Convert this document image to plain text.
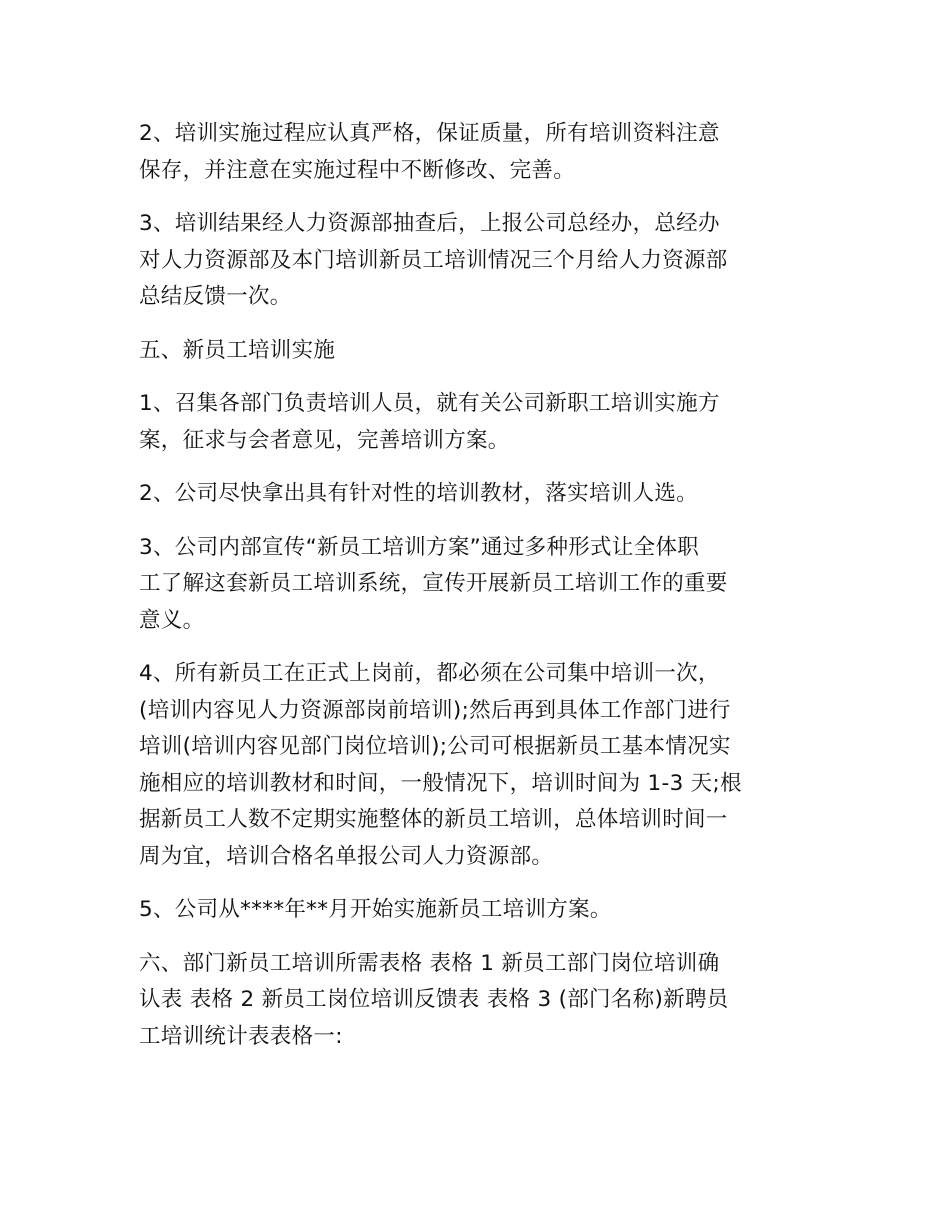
2、培训实施过程应认真严格，保证质量，所有培训资料注意
保存，并注意在实施过程中不断修改、完善。

3、培训结果经人力资源部抽查后，上报公司总经办，总经办
对人力资源部及本门培训新员工培训情况三个月给人力资源部
总结反馈一次。

五、新员工培训实施

1、召集各部门负责培训人员，就有关公司新职工培训实施方
案，征求与会者意见，完善培训方案。

2、公司尽快拿出具有针对性的培训教材，落实培训人选。

3、公司内部宣传“新员工培训方案”通过多种形式让全体职
工了解这套新员工培训系统，宣传开展新员工培训工作的重要
意义。

4、所有新员工在正式上岗前，都必须在公司集中培训一次，
(培训内容见人力资源部岗前培训);然后再到具体工作部门进行
培训(培训内容见部门岗位培训);公司可根据新员工基本情况实
施相应的培训教材和时间，一般情况下，培训时间为 1-3 天;根
据新员工人数不定期实施整体的新员工培训，总体培训时间一
周为宜，培训合格名单报公司人力资源部。

5、公司从****年**月开始实施新员工培训方案。

六、部门新员工培训所需表格 表格 1 新员工部门岗位培训确
认表 表格 2 新员工岗位培训反馈表 表格 3 (部门名称)新聘员
工培训统计表表格一:
